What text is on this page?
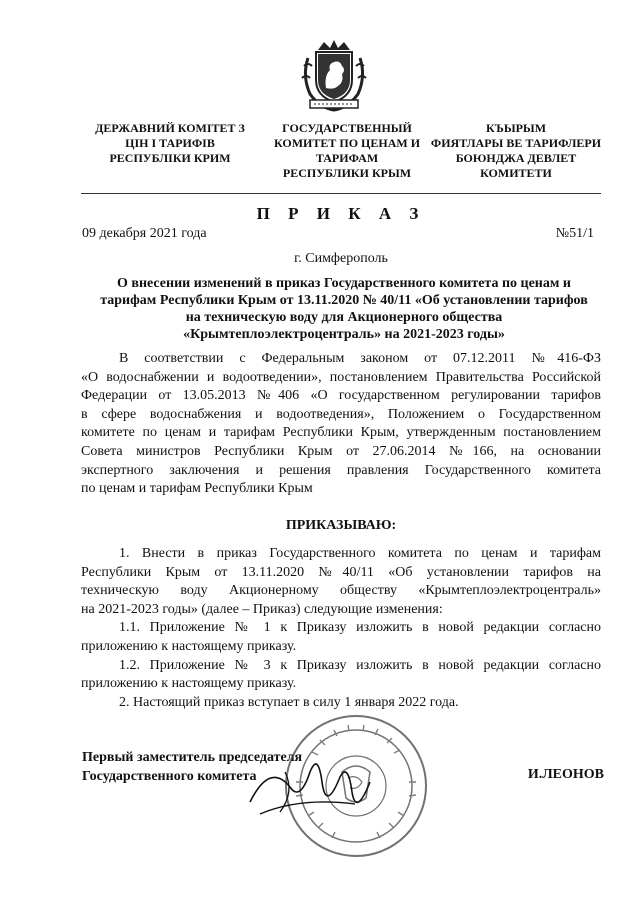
ДЕРЖАВНИЙ КОМІТЕТ З
ЦІН І ТАРИФІВ
РЕСПУБЛІКИ КРИМ
ГОСУДАРСТВЕННЫЙ
КОМИТЕТ ПО ЦЕНАМ И
ТАРИФАМ
РЕСПУБЛИКИ КРЫМ
КЪЫРЫМ
ФИЯТЛАРЫ ВЕ ТАРИФЛЕРИ
БОЮНДЖА ДЕВЛЕТ
КОМИТЕТИ
П Р И К А З
09 декабря 2021 года	№51/1
г. Симферополь
О внесении изменений в приказ Государственного комитета по ценам и
тарифам Республики Крым от 13.11.2020 № 40/11 «Об установлении тарифов
на техническую воду для Акционерного общества
«Крымтеплоэлектроцентраль» на 2021-2023 годы»
В соответствии с Федеральным законом от 07.12.2011 №416-ФЗ
«О водоснабжении и водоотведении», постановлением Правительства Российской
Федерации от 13.05.2013 №406 «О государственном регулировании тарифов
в сфере водоснабжения и водоотведения», Положением о Государственном
комитете по ценам и тарифам Республики Крым, утвержденным постановлением
Совета министров Республики Крым от 27.06.2014 №166, на основании
экспертного заключения и решения правления Государственного комитета
по ценам и тарифам Республики Крым
ПРИКАЗЫВАЮ:
1. Внести в приказ Государственного комитета по ценам и тарифам
Республики Крым от 13.11.2020 №40/11 «Об установлении тарифов на
техническую воду Акционерному обществу «Крымтеплоэлектроцентраль»
на 2021-2023 годы» (далее – Приказ) следующие изменения:
1.1. Приложение № 1 к Приказу изложить в новой редакции согласно
приложению к настоящему приказу.
1.2. Приложение № 3 к Приказу изложить в новой редакции согласно
приложению к настоящему приказу.
2. Настоящий приказ вступает в силу 1 января 2022 года.
Первый заместитель председателя
Государственного комитета	И.ЛЕОНОВ
